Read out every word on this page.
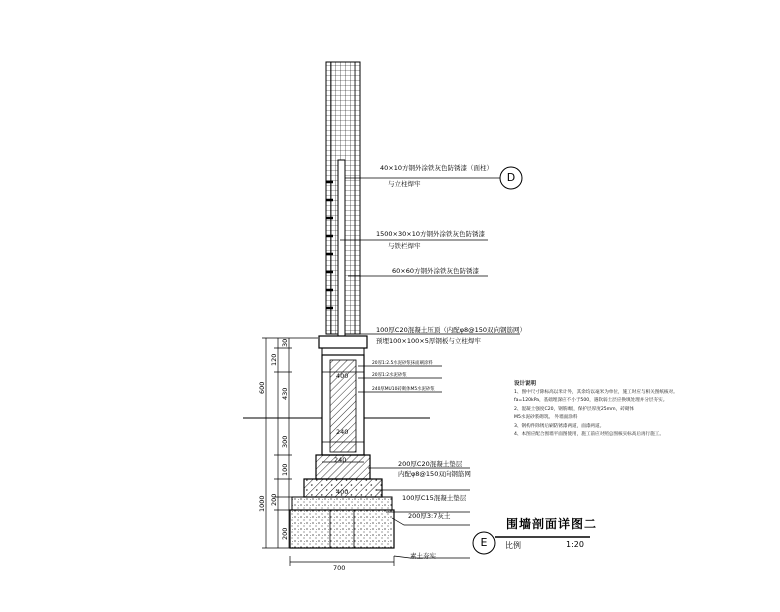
D
E
40×10方钢外涂铁灰色防锈漆（面柱）
与立柱焊牢
1500×30×10方钢外涂铁灰色防锈漆
与铁栏焊牢
60×60方钢外涂铁灰色防锈漆
100厚C20混凝土压顶（内配φ8@150双向钢筋网）
预埋100×100×5厚钢板与立柱焊牢
20厚1:2.5水泥砂浆抹面刷涂料
20厚1:2水泥砂浆
240厚MU10砖砌体M5水泥砂浆
200厚C20混凝土垫层
内配φ8@150双向钢筋网
100厚C15混凝土垫层
200厚3:7灰土
素土夯实
1000
600
120
30
430
300
100
200
200
400
240
240
400
700
设计说明
1、图中尺寸除标高以米计外，其余均以毫米为单位，施工时应与相关图纸核对。
fa=120kPa，基础埋深应不小于500，遇软弱土层应换填处理并分层夯实。
2、混凝土强度C20，钢筋Ⅰ级，保护层厚度25mm，砖砌体
M5水泥砂浆砌筑。 外墙面涂料
3、钢构件除锈后刷防锈漆两道，面漆两道。
4、本图应配合围墙平面图使用，施工前应对照总图核实标高后再行施工。
围墙剖面详图二
比例	1:20
